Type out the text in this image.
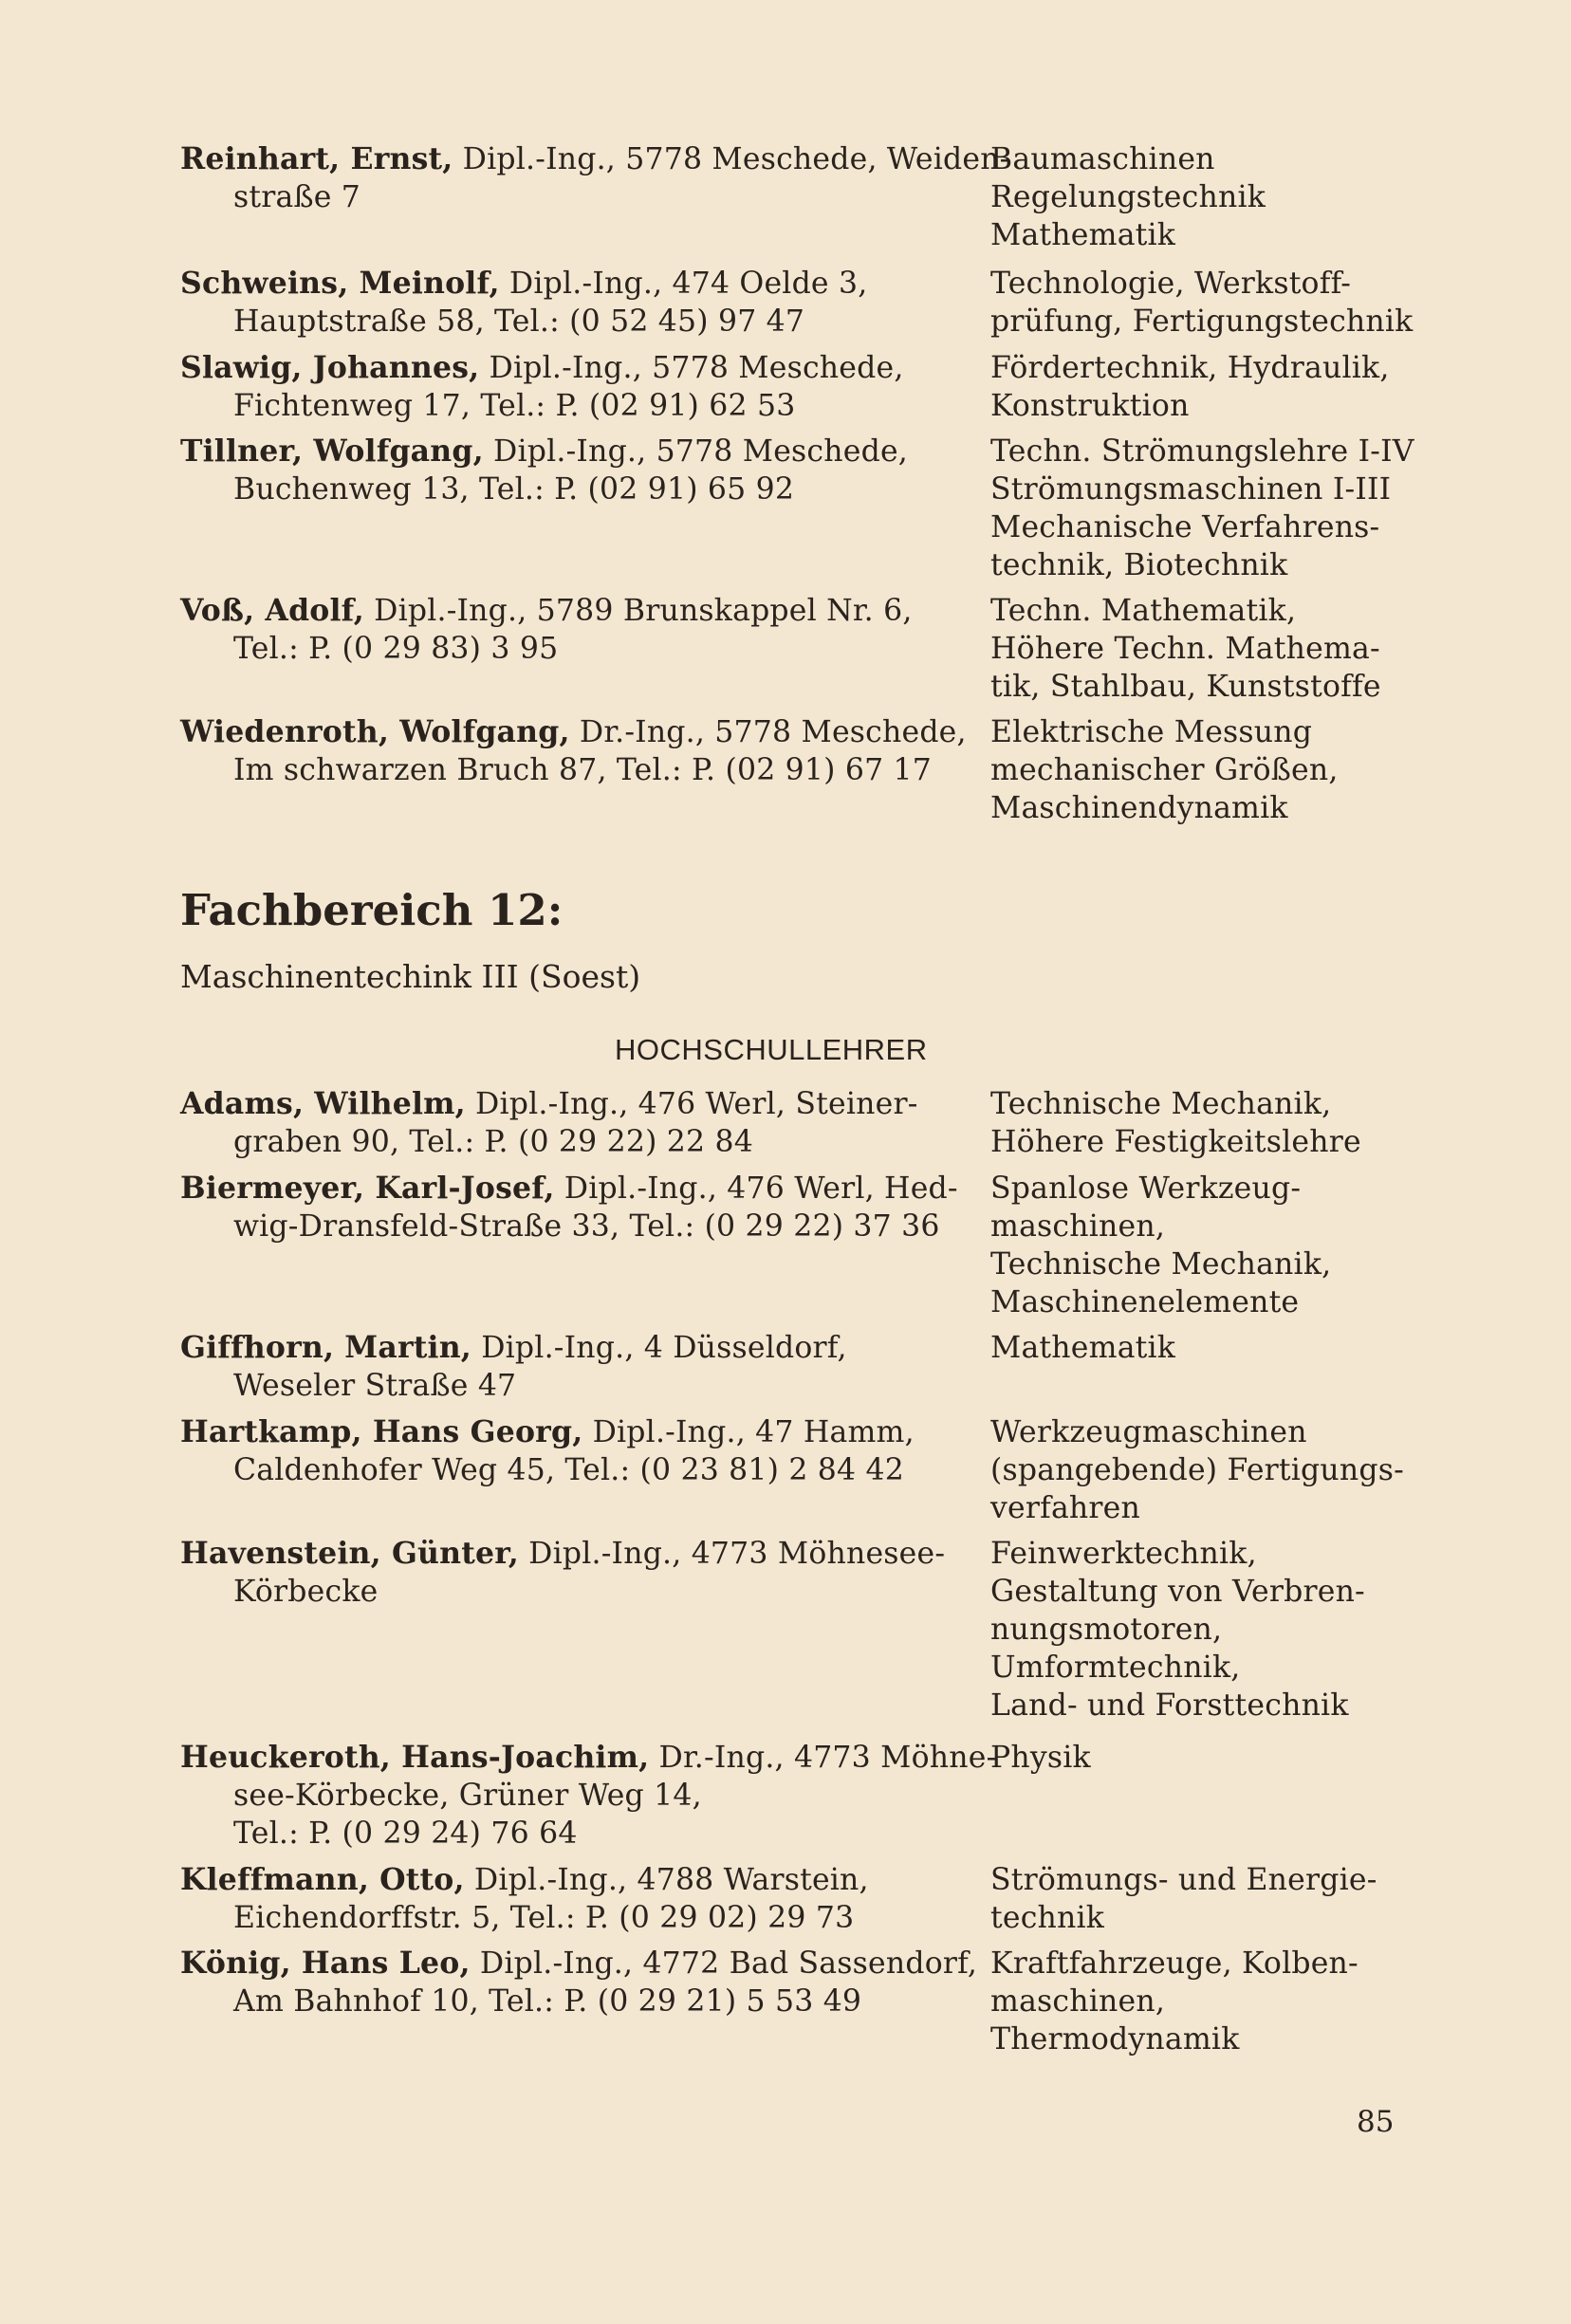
Reinhart, Ernst, Dipl.-Ing., 5778 Meschede, Weiden-
straße 7
Baumaschinen
Regelungstechnik
Mathematik
Schweins, Meinolf, Dipl.-Ing., 474 Oelde 3,
Hauptstraße 58, Tel.: (0 52 45) 97 47
Technologie, Werkstoff-
prüfung, Fertigungstechnik
Slawig, Johannes, Dipl.-Ing., 5778 Meschede,
Fichtenweg 17, Tel.: P. (02 91) 62 53
Fördertechnik, Hydraulik,
Konstruktion
Tillner, Wolfgang, Dipl.-Ing., 5778 Meschede,
Buchenweg 13, Tel.: P. (02 91) 65 92
Techn. Strömungslehre I-IV
Strömungsmaschinen I-III
Mechanische Verfahrens-
technik, Biotechnik
Voß, Adolf, Dipl.-Ing., 5789 Brunskappel Nr. 6,
Tel.: P. (0 29 83) 3 95
Techn. Mathematik,
Höhere Techn. Mathema-
tik, Stahlbau, Kunststoffe
Wiedenroth, Wolfgang, Dr.-Ing., 5778 Meschede,
Im schwarzen Bruch 87, Tel.: P. (02 91) 67 17
Elektrische Messung
mechanischer Größen,
Maschinendynamik
Fachbereich 12:
Maschinentechink III (Soest)
HOCHSCHULLEHRER
Adams, Wilhelm, Dipl.-Ing., 476 Werl, Steiner-
graben 90, Tel.: P. (0 29 22) 22 84
Technische Mechanik,
Höhere Festigkeitslehre
Biermeyer, Karl-Josef, Dipl.-Ing., 476 Werl, Hed-
wig-Dransfeld-Straße 33, Tel.: (0 29 22) 37 36
Spanlose Werkzeug-
maschinen,
Technische Mechanik,
Maschinenelemente
Giffhorn, Martin, Dipl.-Ing., 4 Düsseldorf,
Weseler Straße 47
Mathematik
Hartkamp, Hans Georg, Dipl.-Ing., 47 Hamm,
Caldenhofer Weg 45, Tel.: (0 23 81) 2 84 42
Werkzeugmaschinen
(spangebende) Fertigungs-
verfahren
Havenstein, Günter, Dipl.-Ing., 4773 Möhnesee-
Körbecke
Feinwerktechnik,
Gestaltung von Verbren-
nungsmotoren,
Umformtechnik,
Land- und Forsttechnik
Heuckeroth, Hans-Joachim, Dr.-Ing., 4773 Möhne-
see-Körbecke, Grüner Weg 14,
Tel.: P. (0 29 24) 76 64
Physik
Kleffmann, Otto, Dipl.-Ing., 4788 Warstein,
Eichendorffstr. 5, Tel.: P. (0 29 02) 29 73
Strömungs- und Energie-
technik
König, Hans Leo, Dipl.-Ing., 4772 Bad Sassendorf,
Am Bahnhof 10, Tel.: P. (0 29 21) 5 53 49
Kraftfahrzeuge, Kolben-
maschinen,
Thermodynamik
85
